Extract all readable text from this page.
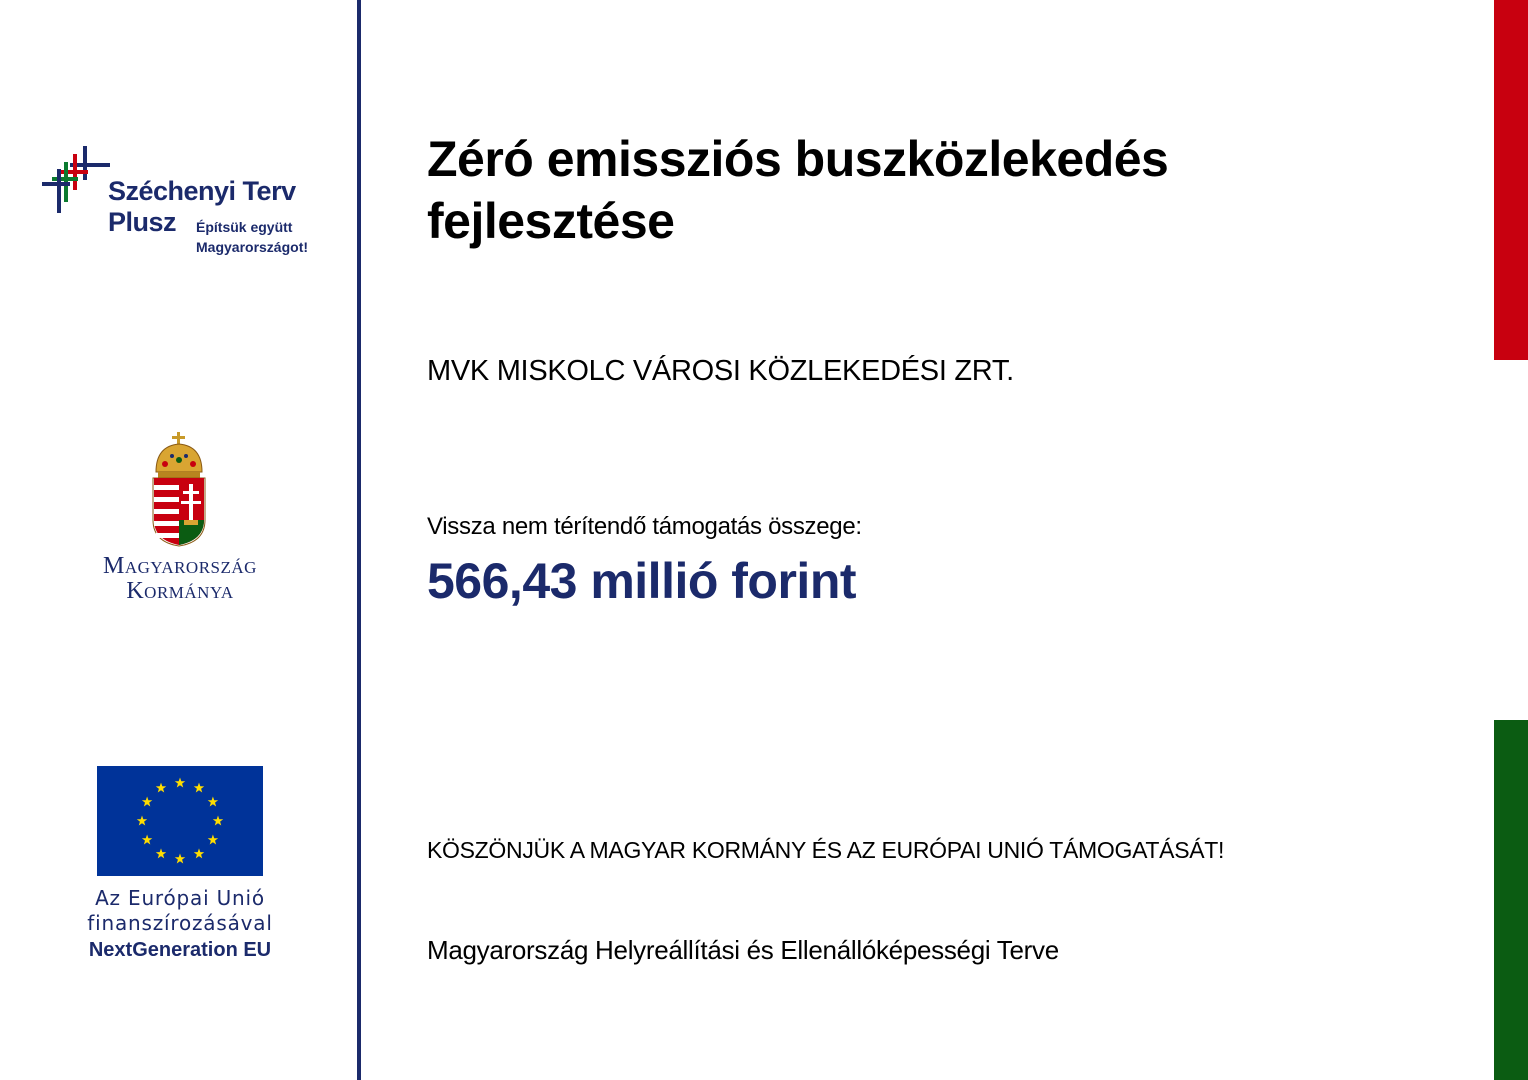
Széchenyi Terv
Plusz Építsük együtt
Magyarországot!
Magyarország
Kormánya
Az Európai Unió
finanszírozásával
NextGeneration EU
Zéró emissziós buszközlekedés fejlesztése
MVK MISKOLC VÁROSI KÖZLEKEDÉSI ZRT.
Vissza nem térítendő támogatás összege:
566,43 millió forint
KÖSZÖNJÜK A MAGYAR KORMÁNY ÉS AZ EURÓPAI UNIÓ TÁMOGATÁSÁT!
Magyarország Helyreállítási és Ellenállóképességi Terve
